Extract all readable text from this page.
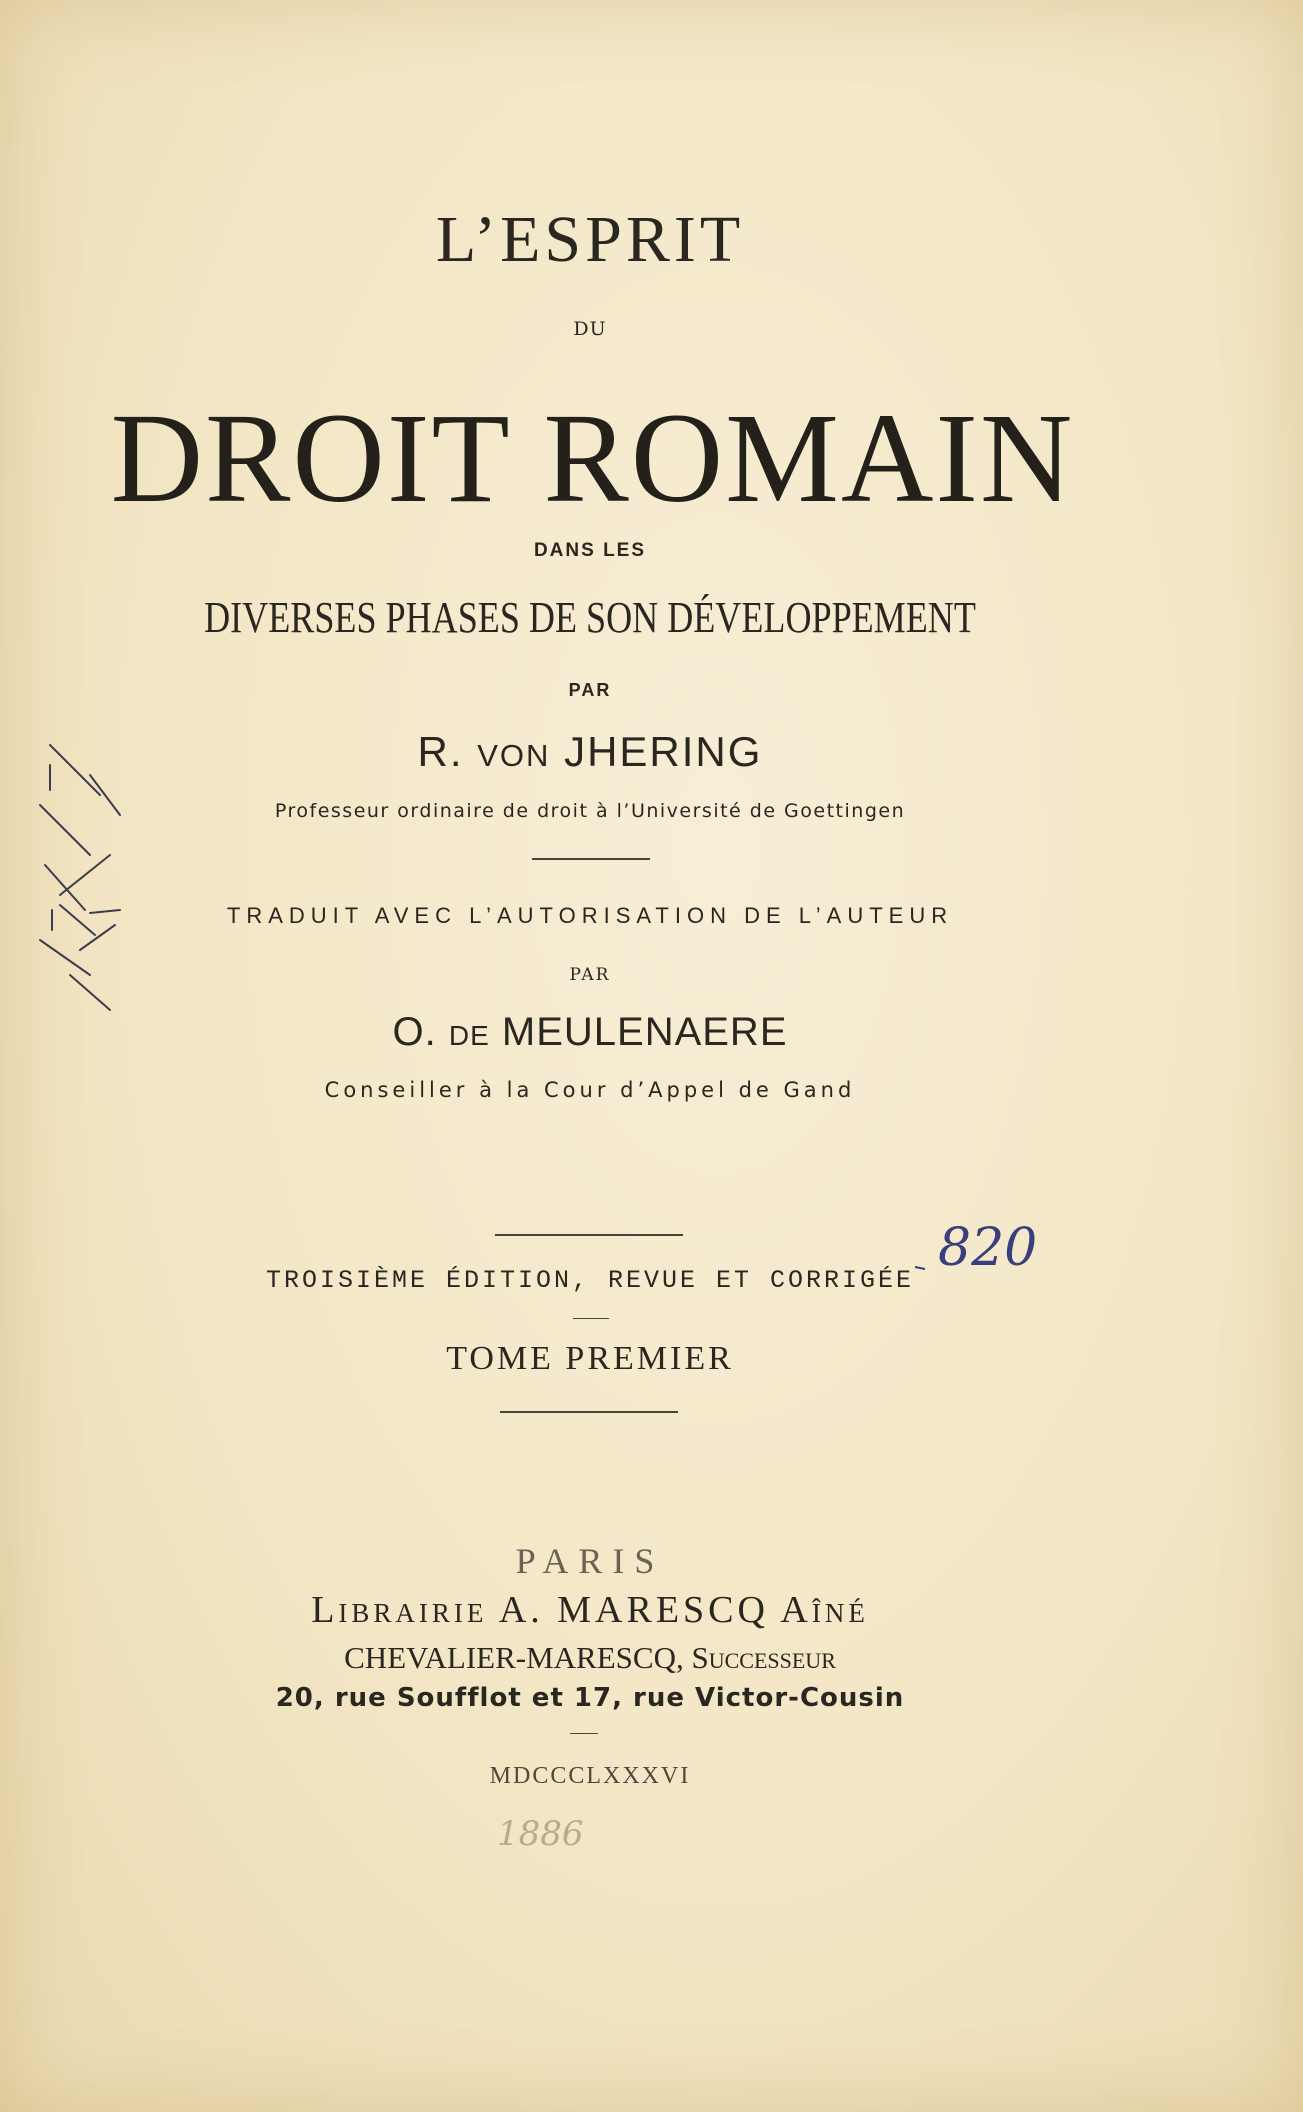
L’ESPRIT
DU
DROIT ROMAIN
DANS LES
DIVERSES PHASES DE SON DÉVELOPPEMENT
PAR
R. VON JHERING
Professeur ordinaire de droit à l’Université de Goettingen
TRADUIT AVEC L’AUTORISATION DE L’AUTEUR
PAR
O. DE MEULENAERE
Conseiller à la Cour d’Appel de Gand
TROISIÈME ÉDITION, REVUE ET CORRIGÉE
TOME PREMIER
PARIS
LIBRAIRIE A. MARESCQ AÎNÉ
CHEVALIER-MARESCQ, SUCCESSEUR
20, rue Soufflot et 17, rue Victor-Cousin
MDCCCLXXXVI
820
1886
